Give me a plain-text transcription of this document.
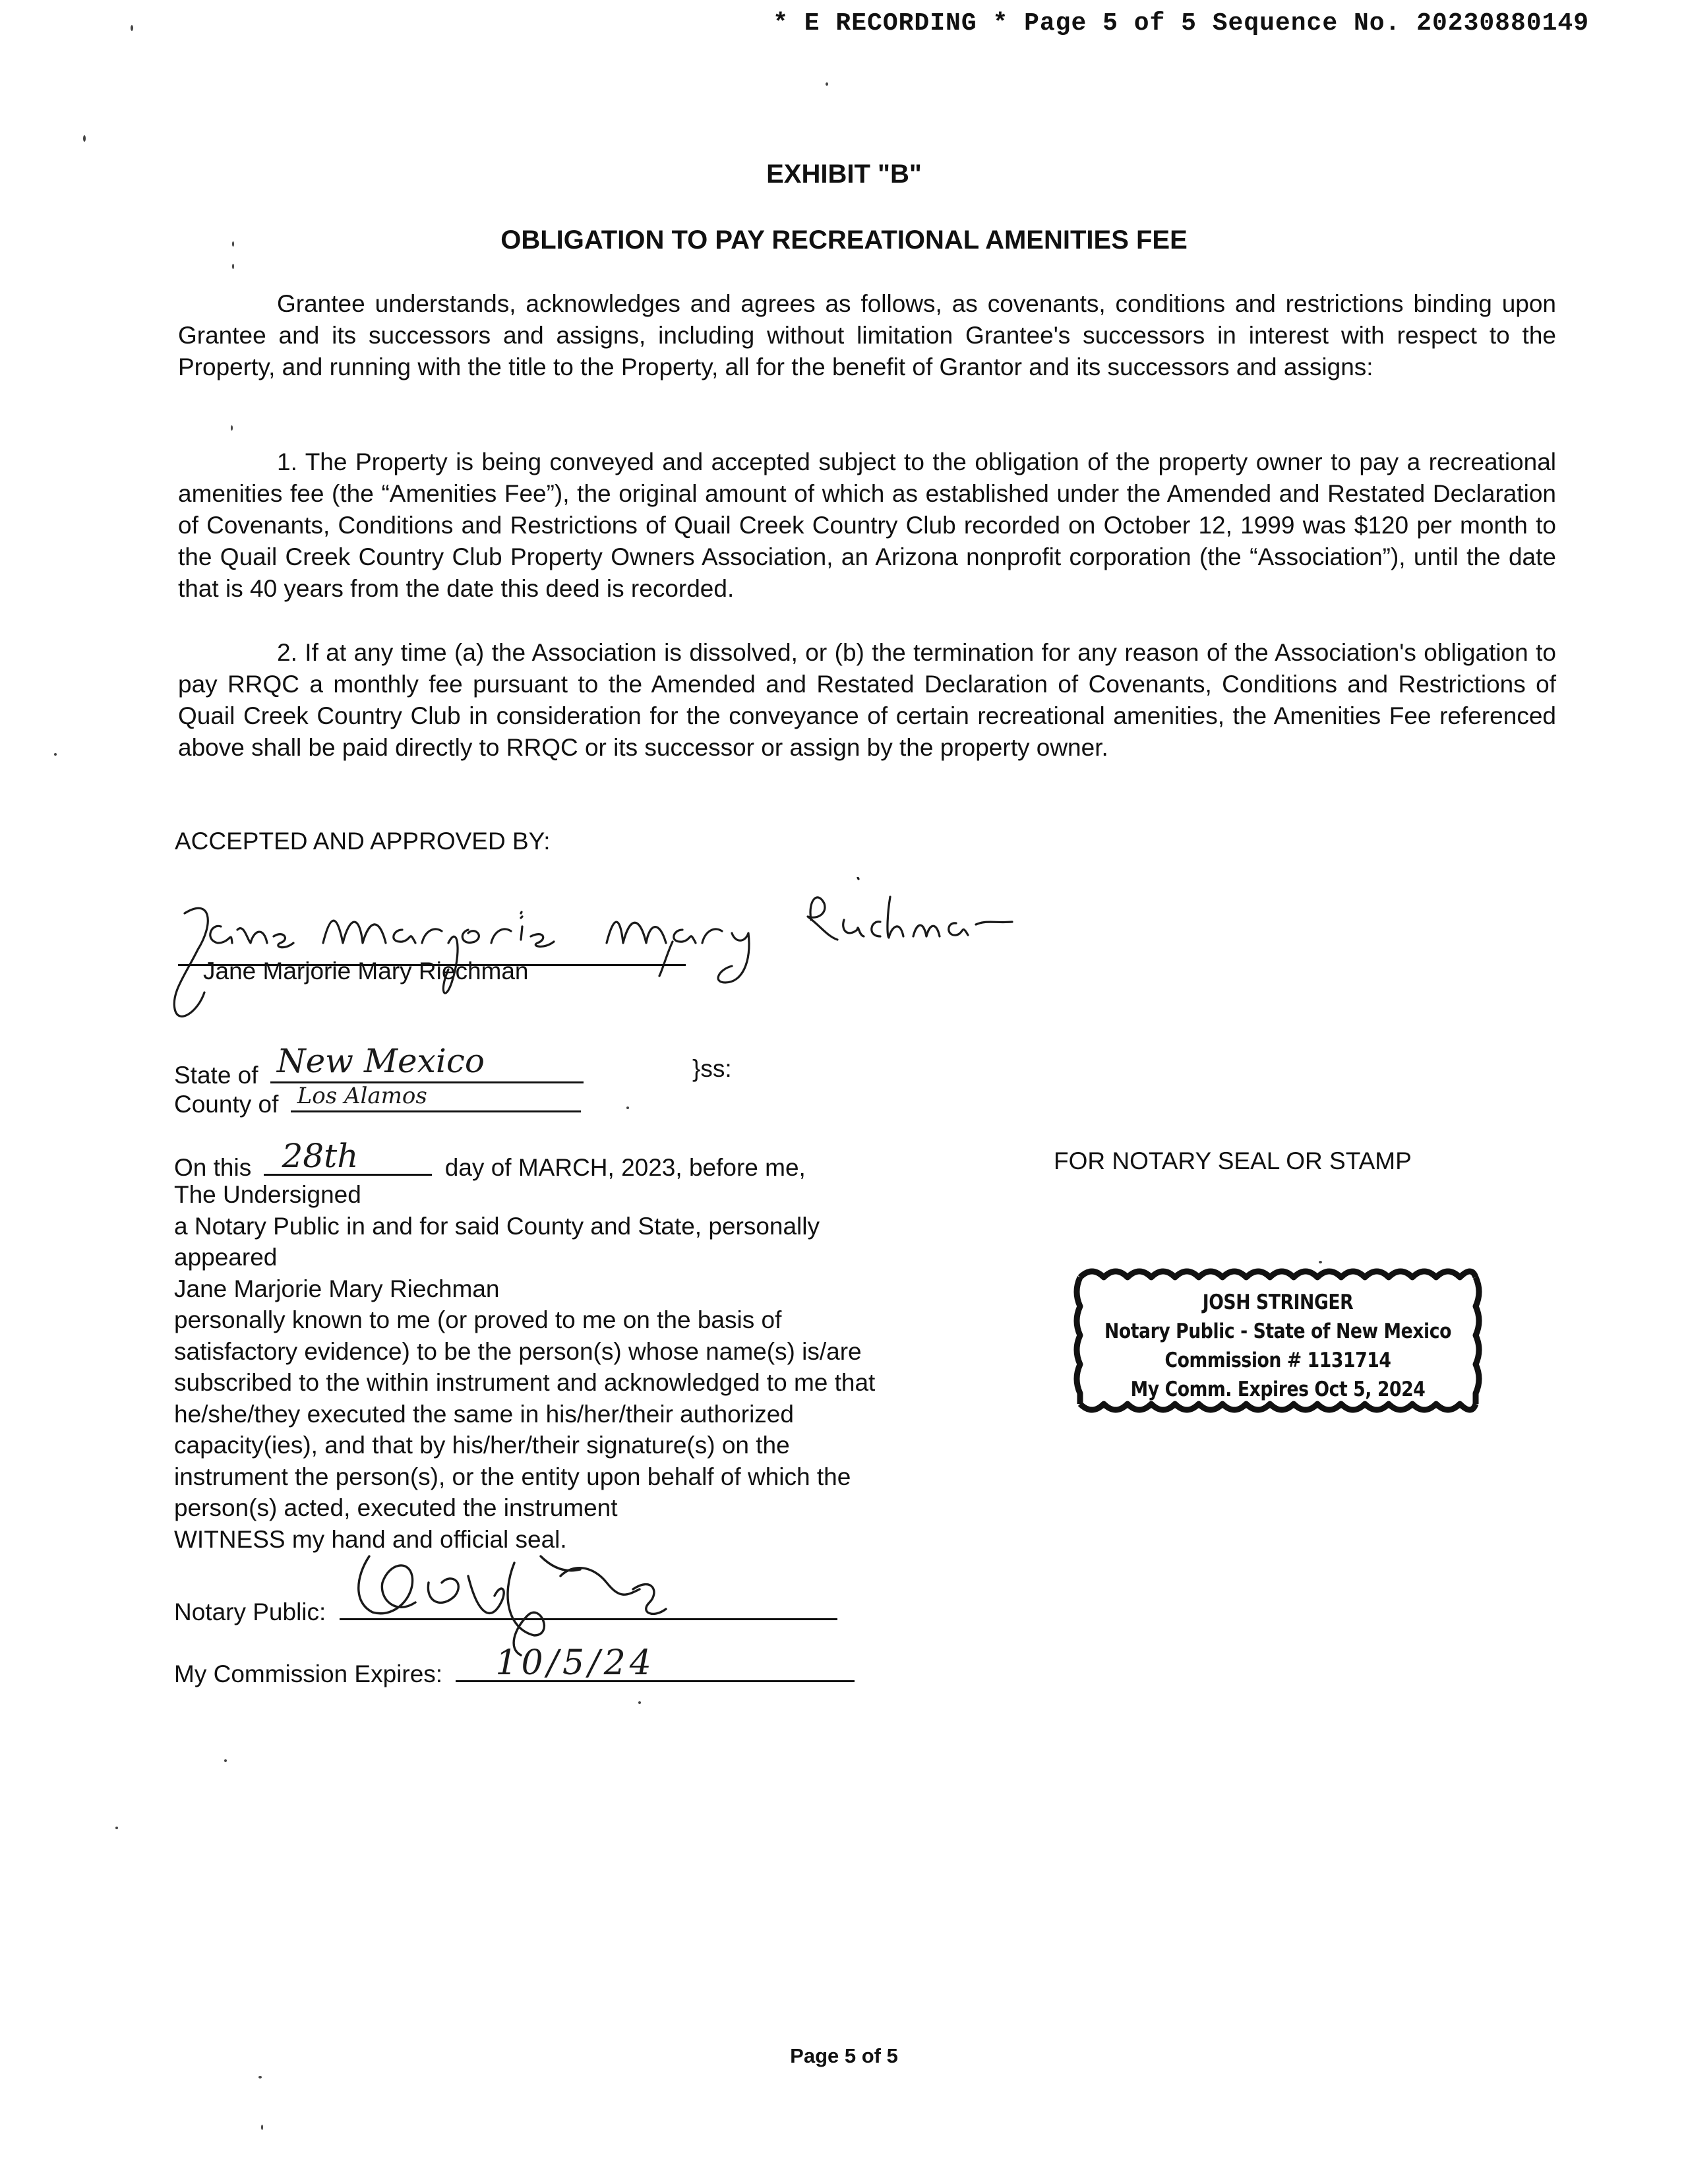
* E RECORDING * Page 5 of 5 Sequence No. 20230880149
EXHIBIT "B"
OBLIGATION TO PAY RECREATIONAL AMENITIES FEE
Grantee understands, acknowledges and agrees as follows, as covenants, conditions and restrictions binding upon Grantee and its successors and assigns, including without limitation Grantee's successors in interest with respect to the Property, and running with the title to the Property, all for the benefit of Grantor and its successors and assigns:
1. The Property is being conveyed and accepted subject to the obligation of the property owner to pay a recreational amenities fee (the “Amenities Fee”), the original amount of which as established under the Amended and Restated Declaration of Covenants, Conditions and Restrictions of Quail Creek Country Club recorded on October 12, 1999 was $120 per month to the Quail Creek Country Club Property Owners Association, an Arizona nonprofit corporation (the “Association”), until the date that is 40 years from the date this deed is recorded.
2. If at any time (a) the Association is dissolved, or (b) the termination for any reason of the Association's obligation to pay RRQC a monthly fee pursuant to the Amended and Restated Declaration of Covenants, Conditions and Restrictions of Quail Creek Country Club in consideration for the conveyance of certain recreational amenities, the Amenities Fee referenced above shall be paid directly to RRQC or its successor or assign by the property owner.
ACCEPTED AND APPROVED BY:
Jane Marjorie Mary Riechman
State of New Mexico
County of Los Alamos
}ss:
On this 28th	day of MARCH, 2023, before me,
The Undersigned
a Notary Public in and for said County and State, personally
appeared
Jane Marjorie Mary Riechman
personally known to me (or proved to me on the basis of
satisfactory evidence) to be the person(s) whose name(s) is/are
subscribed to the within instrument and acknowledged to me that
he/she/they executed the same in his/her/their authorized
capacity(ies), and that by his/her/their signature(s) on the
instrument the person(s), or the entity upon behalf of which the
person(s) acted, executed the instrument
WITNESS my hand and official seal.
Notary Public:
My Commission Expires: 10/5/24
FOR NOTARY SEAL OR STAMP
JOSH STRINGER
Notary Public - State of New Mexico
Commission # 1131714
My Comm. Expires Oct 5, 2024
Page 5 of 5
